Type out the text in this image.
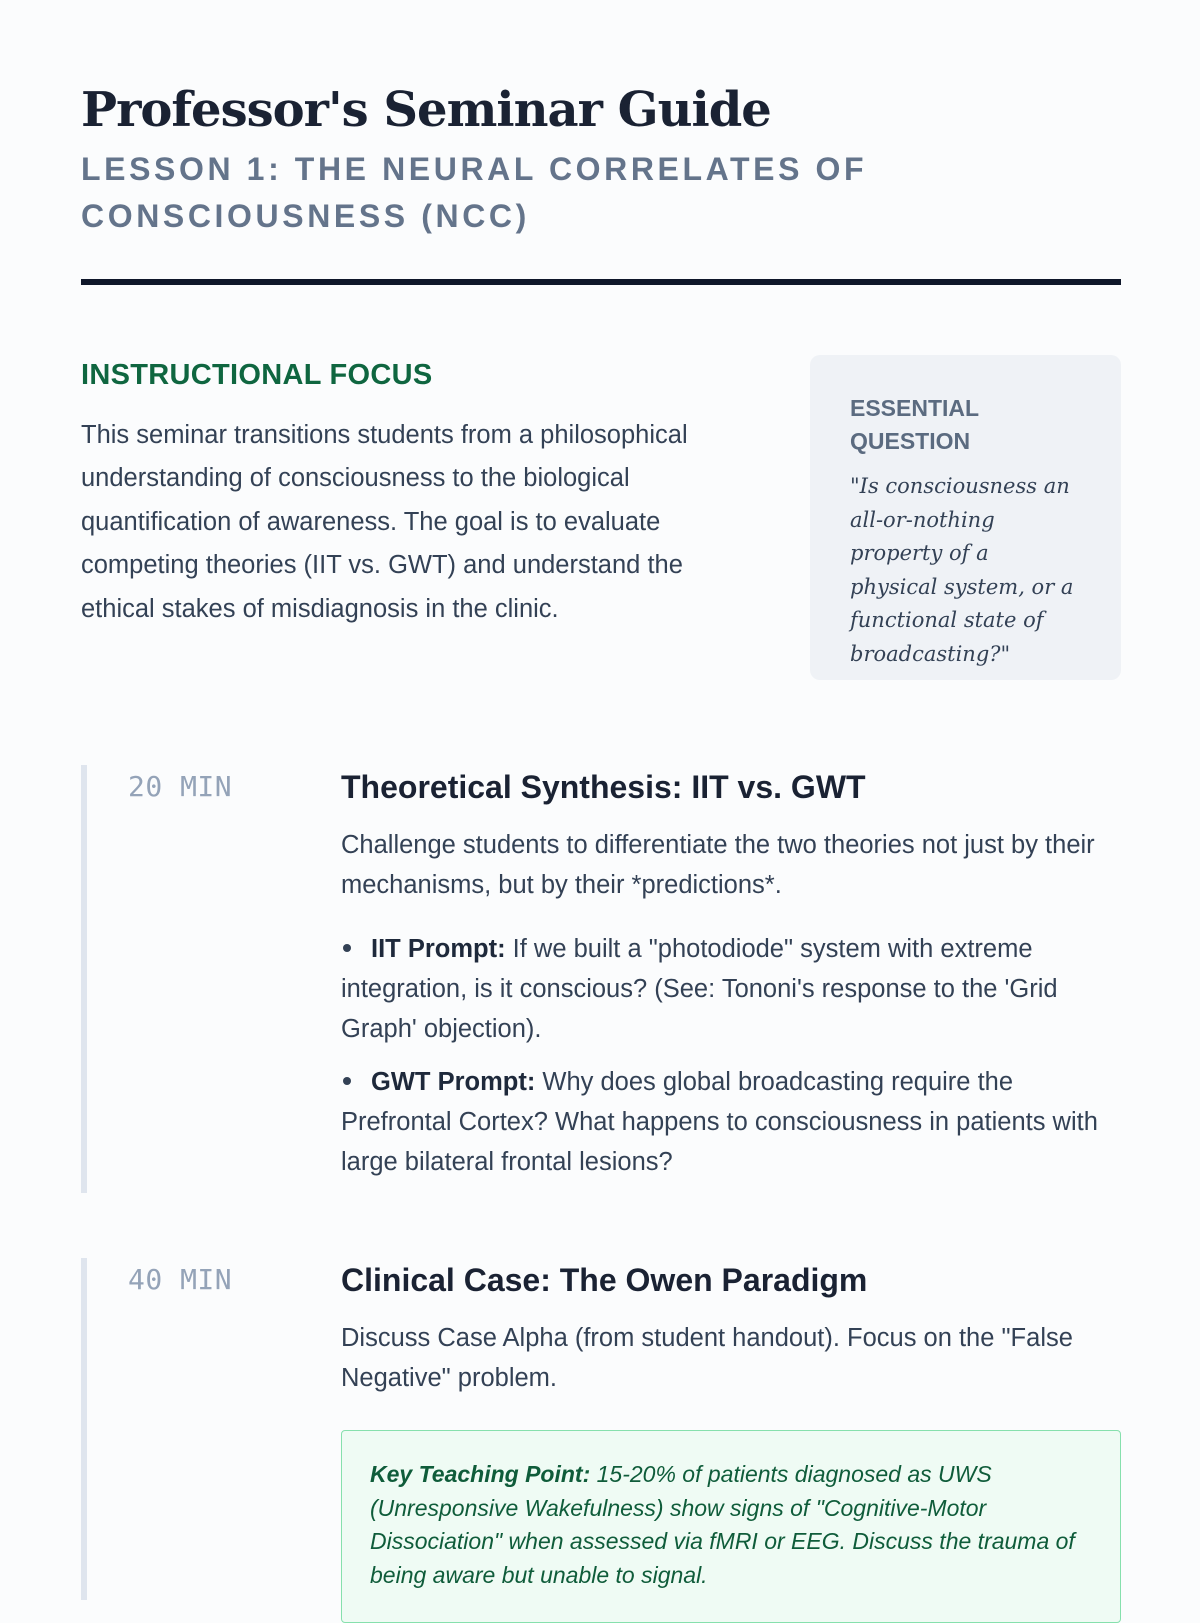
Professor's Seminar Guide
LESSON 1: THE NEURAL CORRELATES OF CONSCIOUSNESS (NCC)
INSTRUCTIONAL FOCUS

This seminar transitions students from a philosophical understanding of consciousness to the biological quantification of awareness. The goal is to evaluate competing theories (IIT vs. GWT) and understand the ethical stakes of misdiagnosis in the clinic.

ESSENTIAL QUESTION

"Is consciousness an all-or-nothing property of a physical system, or a functional state of broadcasting?"

20 MIN	Theoretical Synthesis: IIT vs. GWT

Challenge students to differentiate the two theories not just by their mechanisms, but by their *predictions*.

IIT Prompt: If we built a "photodiode" system with extreme integration, is it conscious? (See: Tononi's response to the 'Grid Graph' objection).
GWT Prompt: Why does global broadcasting require the Prefrontal Cortex? What happens to consciousness in patients with large bilateral frontal lesions?
40 MIN	Clinical Case: The Owen Paradigm

Discuss Case Alpha (from student handout). Focus on the "False Negative" problem.

Key Teaching Point: 15-20% of patients diagnosed as UWS (Unresponsive Wakefulness) show signs of "Cognitive-Motor Dissociation" when assessed via fMRI or EEG. Discuss the trauma of being aware but unable to signal.
